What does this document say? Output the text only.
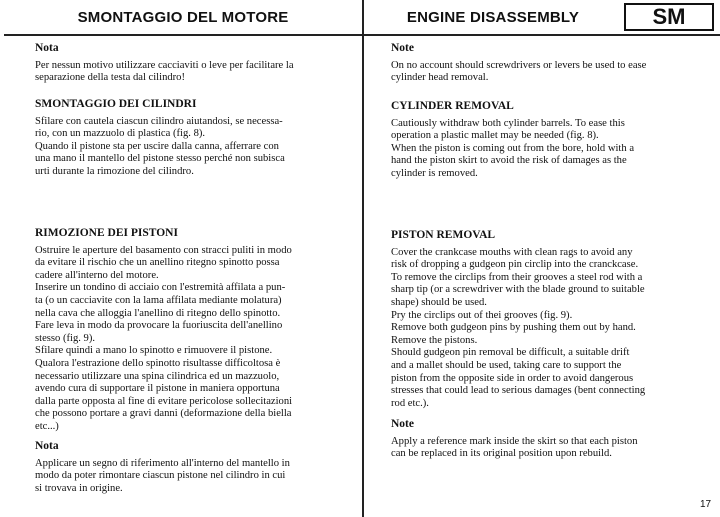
SMONTAGGIO DEL MOTORE	ENGINE DISASSEMBLY	SM
Nota
Per nessun motivo utilizzare cacciaviti o leve per facilitare la
separazione della testa dal cilindro!
SMONTAGGIO DEI CILINDRI
Sfilare con cautela ciascun cilindro aiutandosi, se necessa-
rio, con un mazzuolo di plastica (fig. 8).
Quando il pistone sta per uscire dalla canna, afferrare con
una mano il mantello del pistone stesso perché non subisca
urti durante la rimozione del cilindro.
RIMOZIONE DEI PISTONI
Ostruire le aperture del basamento con stracci puliti in modo
da evitare il rischio che un anellino ritegno spinotto possa
cadere all'interno del motore.
Inserire un tondino di acciaio con l'estremità affilata a pun-
ta (o un cacciavite con la lama affilata mediante molatura)
nella cava che alloggia l'anellino di ritegno dello spinotto.
Fare leva in modo da provocare la fuoriuscita dell'anellino
stesso (fig. 9).
Sfilare quindi a mano lo spinotto e rimuovere il pistone.
Qualora l'estrazione dello spinotto risultasse difficoltosa è
necessario utilizzare una spina cilindrica ed un mazzuolo,
avendo cura di supportare il pistone in maniera opportuna
dalla parte opposta al fine di evitare pericolose sollecitazioni
che possono portare a gravi danni (deformazione della biella
etc...)
Nota
Applicare un segno di riferimento all'interno del mantello in
modo da poter rimontare ciascun pistone nel cilindro in cui
si trovava in origine.
Note
On no account should screwdrivers or levers be used to ease
cylinder head removal.
CYLINDER REMOVAL
Cautiously withdraw both cylinder barrels. To ease this
operation a plastic mallet may be needed (fig. 8).
When the piston is coming out from the bore, hold with a
hand the piston skirt to avoid the risk of damages as the
cylinder is removed.
PISTON REMOVAL
Cover the crankcase mouths with clean rags to avoid any
risk of dropping a gudgeon pin circlip into the cranckcase.
To remove the circlips from their grooves a steel rod with a
sharp tip (or a screwdriver with the blade ground to suitable
shape) should be used.
Pry the circlips out of thei grooves (fig. 9).
Remove both gudgeon pins by pushing them out by hand.
Remove the pistons.
Should gudgeon pin removal be difficult, a suitable drift
and a mallet should be used, taking care to support the
piston from the opposite side in order to avoid dangerous
stresses that could lead to serious damages (bent connecting
rod etc.).
Note
Apply a reference mark inside the skirt so that each piston
can be replaced in its original position upon rebuild.
17
